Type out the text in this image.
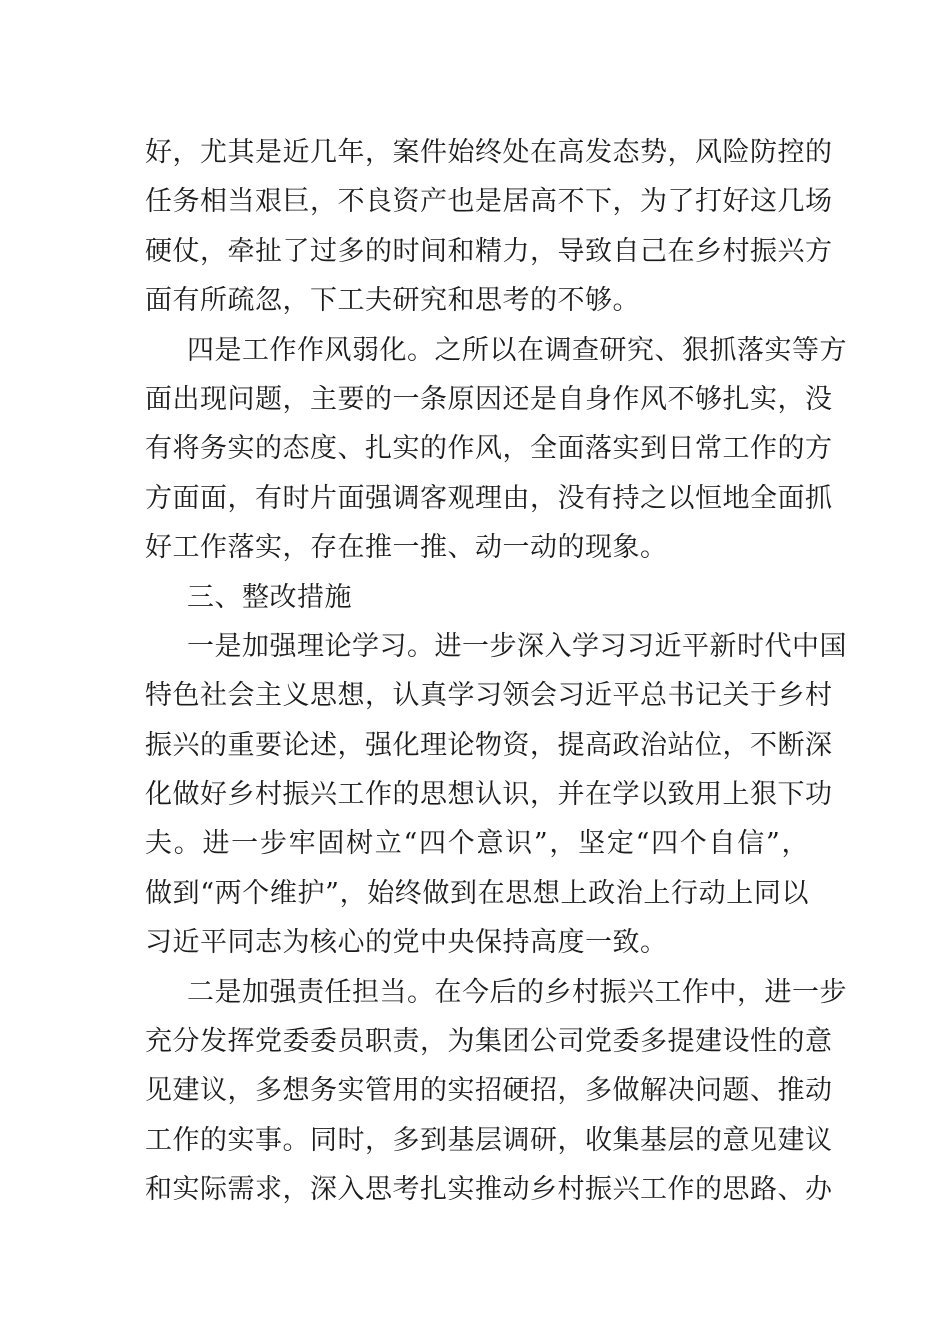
好，尤其是近几年，案件始终处在高发态势，风险防控的
任务相当艰巨，不良资产也是居高不下，为了打好这几场
硬仗，牵扯了过多的时间和精力，导致自己在乡村振兴方
面有所疏忽，下工夫研究和思考的不够。
四是工作作风弱化。之所以在调查研究、狠抓落实等方
面出现问题，主要的一条原因还是自身作风不够扎实，没
有将务实的态度、扎实的作风，全面落实到日常工作的方
方面面，有时片面强调客观理由，没有持之以恒地全面抓
好工作落实，存在推一推、动一动的现象。
三、整改措施
一是加强理论学习。进一步深入学习习近平新时代中国
特色社会主义思想，认真学习领会习近平总书记关于乡村
振兴的重要论述，强化理论物资，提高政治站位，不断深
化做好乡村振兴工作的思想认识，并在学以致用上狠下功
夫。进一步牢固树立“四个意识”，坚定“四个自信”，
做到“两个维护”，始终做到在思想上政治上行动上同以
习近平同志为核心的党中央保持高度一致。
二是加强责任担当。在今后的乡村振兴工作中，进一步
充分发挥党委委员职责，为集团公司党委多提建设性的意
见建议，多想务实管用的实招硬招，多做解决问题、推动
工作的实事。同时，多到基层调研，收集基层的意见建议
和实际需求，深入思考扎实推动乡村振兴工作的思路、办
